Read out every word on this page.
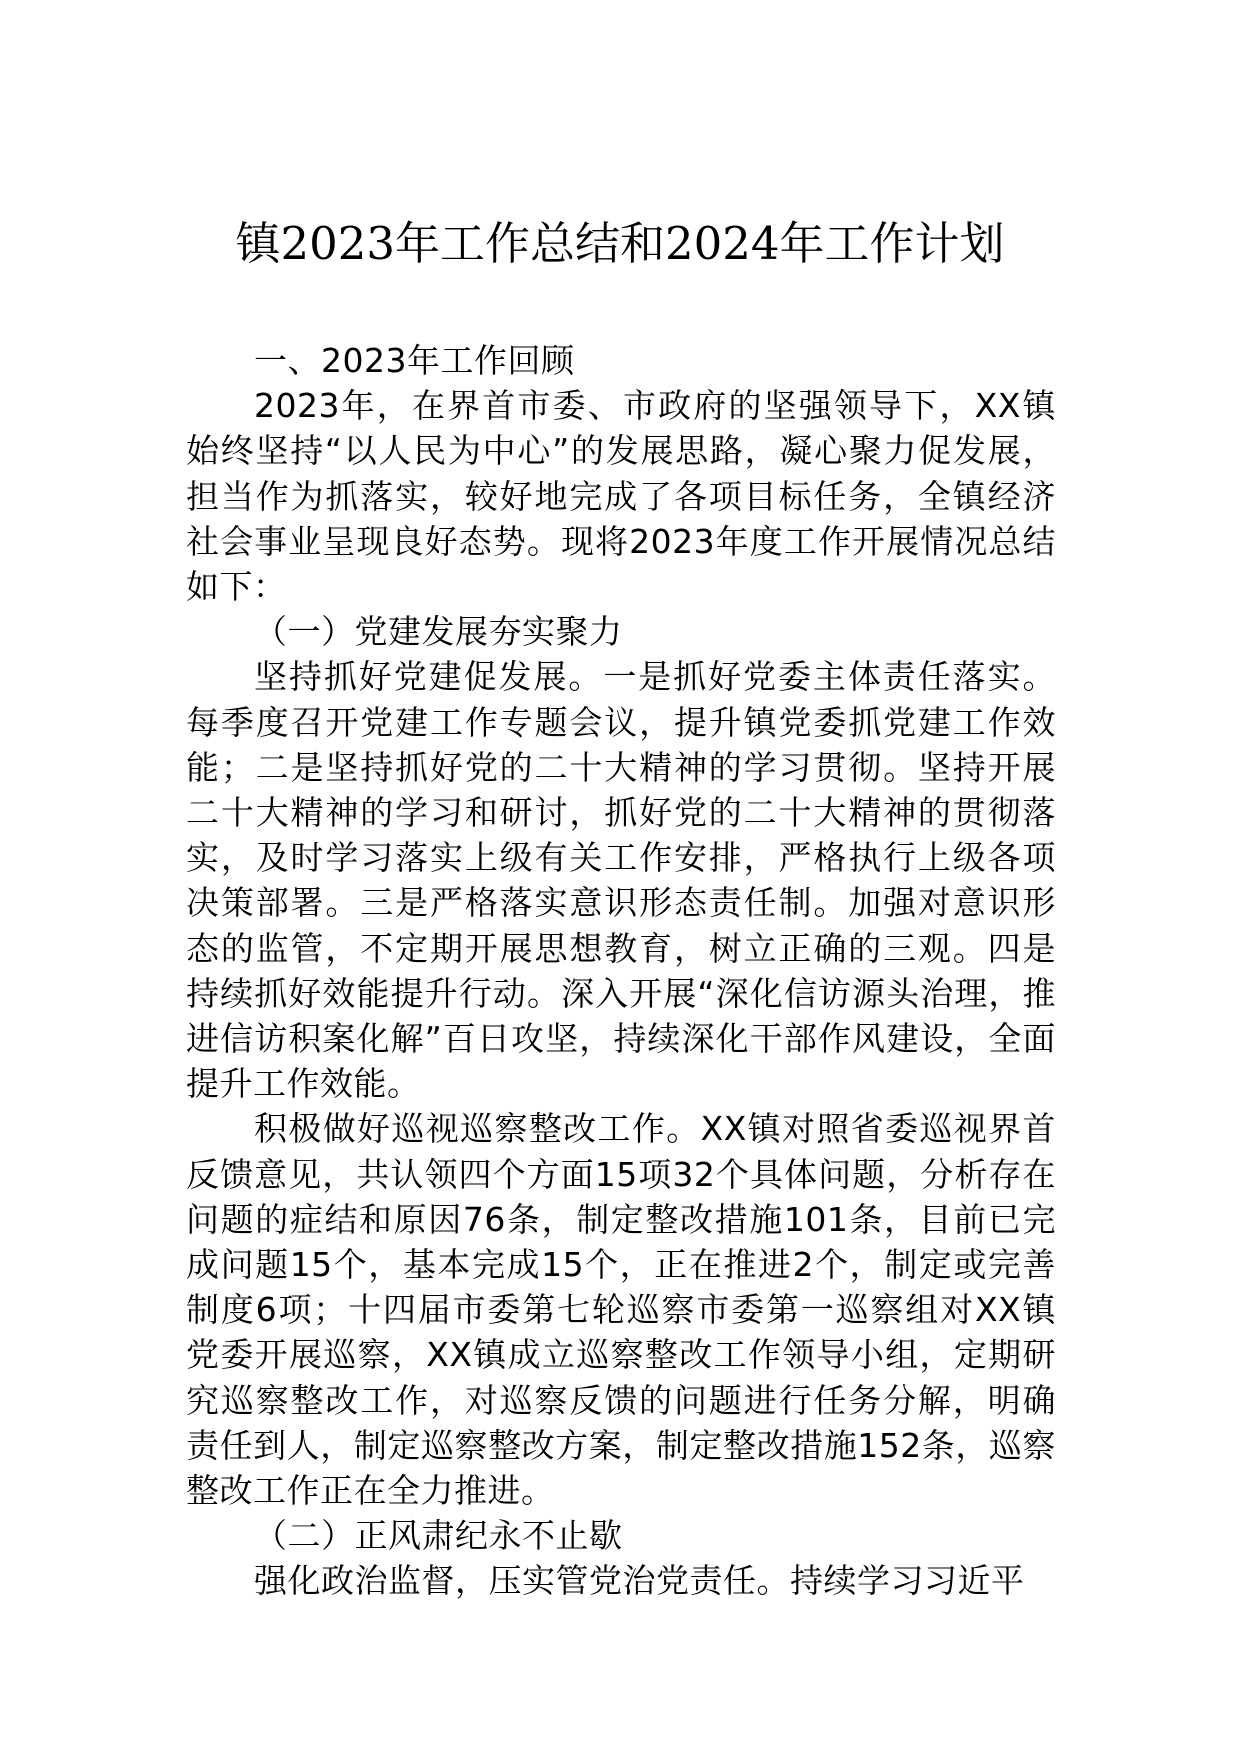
镇2023年工作总结和2024年工作计划

一、2023年工作回顾

2023年，在界首市委、市政府的坚强领导下，XX镇始终坚持“以人民为中心”的发展思路，凝心聚力促发展，担当作为抓落实，较好地完成了各项目标任务，全镇经济社会事业呈现良好态势。现将2023年度工作开展情况总结如下：

（一）党建发展夯实聚力

坚持抓好党建促发展。一是抓好党委主体责任落实。每季度召开党建工作专题会议，提升镇党委抓党建工作效能；二是坚持抓好党的二十大精神的学习贯彻。坚持开展二十大精神的学习和研讨，抓好党的二十大精神的贯彻落实，及时学习落实上级有关工作安排，严格执行上级各项决策部署。三是严格落实意识形态责任制。加强对意识形态的监管，不定期开展思想教育，树立正确的三观。四是持续抓好效能提升行动。深入开展“深化信访源头治理，推进信访积案化解”百日攻坚，持续深化干部作风建设，全面提升工作效能。

积极做好巡视巡察整改工作。XX镇对照省委巡视界首反馈意见，共认领四个方面15项32个具体问题，分析存在问题的症结和原因76条，制定整改措施101条，目前已完成问题15个，基本完成15个，正在推进2个，制定或完善制度6项；十四届市委第七轮巡察市委第一巡察组对XX镇党委开展巡察，XX镇成立巡察整改工作领导小组，定期研究巡察整改工作，对巡察反馈的问题进行任务分解，明确责任到人，制定巡察整改方案，制定整改措施152条，巡察整改工作正在全力推进。

（二）正风肃纪永不止歇

强化政治监督，压实管党治党责任。持续学习习近平
